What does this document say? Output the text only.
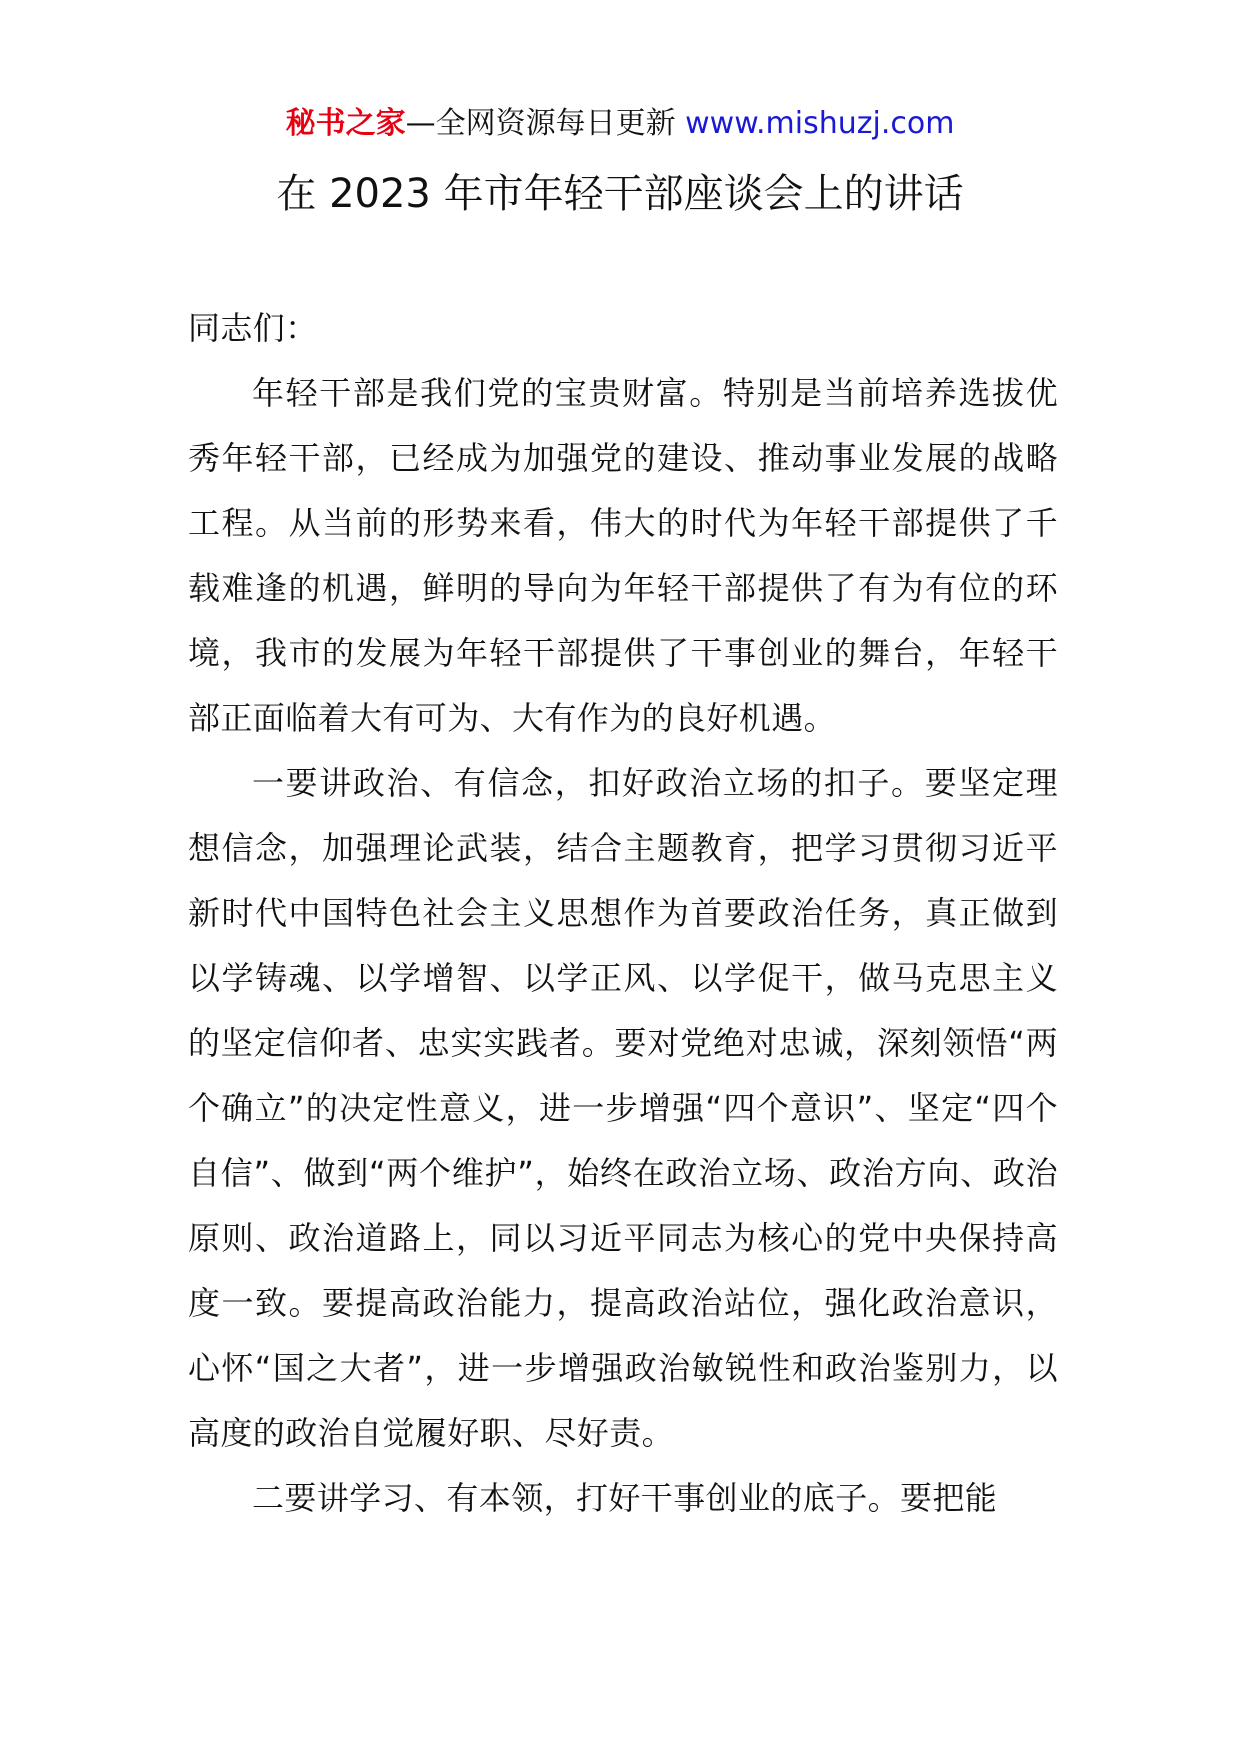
秘书之家—全网资源每日更新 www.mishuzj.com
在 2023 年市年轻干部座谈会上的讲话

同志们：

年轻干部是我们党的宝贵财富。特别是当前培养选拔优秀年轻干部，已经成为加强党的建设、推动事业发展的战略工程。从当前的形势来看，伟大的时代为年轻干部提供了千载难逢的机遇，鲜明的导向为年轻干部提供了有为有位的环境，我市的发展为年轻干部提供了干事创业的舞台，年轻干部正面临着大有可为、大有作为的良好机遇。

一要讲政治、有信念，扣好政治立场的扣子。要坚定理想信念，加强理论武装，结合主题教育，把学习贯彻习近平新时代中国特色社会主义思想作为首要政治任务，真正做到以学铸魂、以学增智、以学正风、以学促干，做马克思主义的坚定信仰者、忠实实践者。要对党绝对忠诚，深刻领悟“两个确立”的决定性意义，进一步增强“四个意识”、坚定“四个自信”、做到“两个维护”，始终在政治立场、政治方向、政治原则、政治道路上，同以习近平同志为核心的党中央保持高度一致。要提高政治能力，提高政治站位，强化政治意识，心怀“国之大者”，进一步增强政治敏锐性和政治鉴别力，以高度的政治自觉履好职、尽好责。

二要讲学习、有本领，打好干事创业的底子。要把能
